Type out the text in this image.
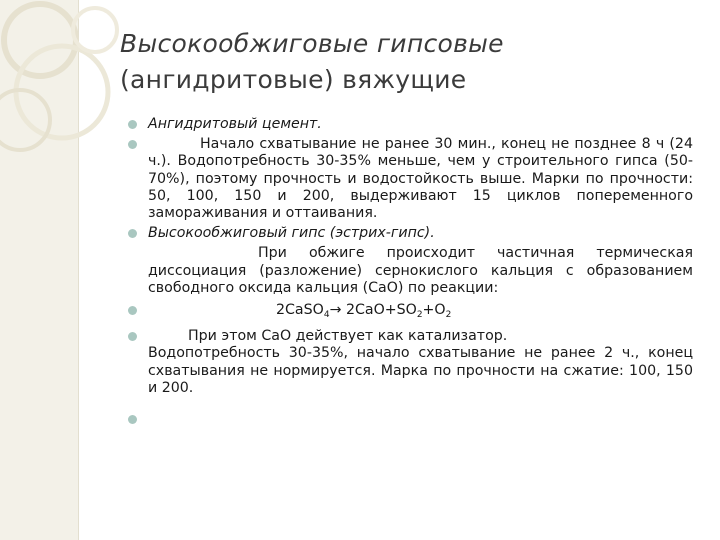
Высокообжиговые гипсовые
(ангидритовые) вяжущие

Ангидритовый цемент.

Начало схватывание не ранее 30 мин., конец не позднее 8 ч (24 ч.). Водопотребность 30-35% меньше, чем у строительного гипса (50-70%), поэтому прочность и водостойкость выше. Марки по прочности: 50, 100, 150 и 200, выдерживают 15 циклов попеременного замораживания и оттаивания.

Высокообжиговый гипс (эстрих-гипс).

При обжиге происходит частичная термическая диссоциация (разложение) сернокислого кальция с образованием свободного оксида кальция (CaO) по реакции:

2CaSO$_4$→ $2CaO+SO_2+O_2$

При этом CaO действует как катализатор.

Водопотребность 30-35%, начало схватывание не ранее 2 ч., конец схватывания не нормируется. Марка по прочности на сжатие: 100, 150 и 200.
